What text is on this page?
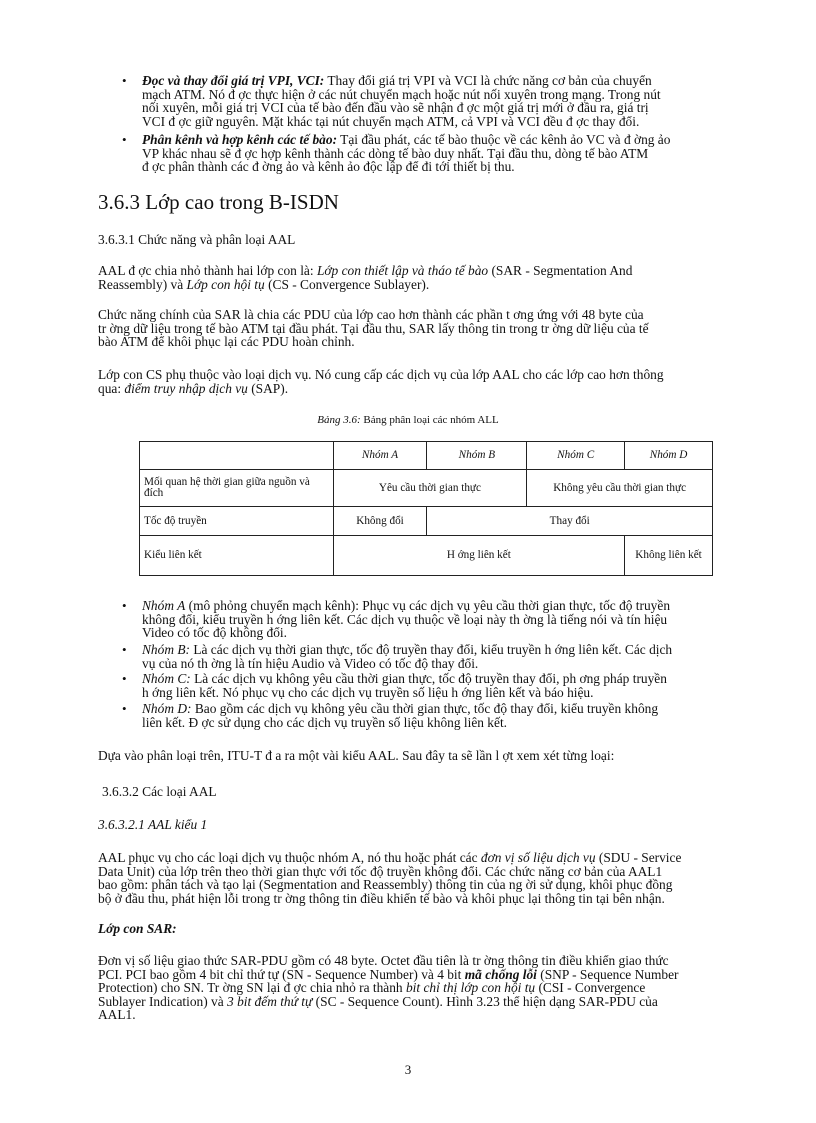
• Đọc và thay đổi giá trị VPI, VCI: Thay đổi giá trị VPI và VCI là chức năng cơ bản của chuyển

mạch ATM. Nó đ ợc thực hiện ở các nút chuyển mạch hoặc nút nối xuyên trong mạng. Trong nút

nối xuyên, mỗi giá trị VCI của tế bào đến đầu vào sẽ nhận đ ợc một giá trị mới ở đầu ra, giá trị

VCI đ ợc giữ nguyên. Mặt khác tại nút chuyển mạch ATM, cả VPI và VCI đều đ ợc thay đổi.

• Phân kênh và hợp kênh các tế bào: Tại đầu phát, các tế bào thuộc về các kênh ảo VC và đ ờng ảo

VP khác nhau sẽ đ ợc hợp kênh thành các dòng tế bào duy nhất. Tại đầu thu, dòng tế bào ATM

đ ợc phân thành các đ ờng ảo và kênh ảo độc lập để đi tới thiết bị thu.

3.6.3 Lớp cao trong B-ISDN

3.6.3.1 Chức năng và phân loại AAL

AAL đ ợc chia nhỏ thành hai lớp con là: Lớp con thiết lập và tháo tế bào (SAR - Segmentation And

Reassembly) và Lớp con hội tụ (CS - Convergence Sublayer).

Chức năng chính của SAR là chia các PDU của lớp cao hơn thành các phần t ơng ứng với 48 byte của

tr ờng dữ liệu trong tế bào ATM tại đầu phát. Tại đầu thu, SAR lấy thông tin trong tr ờng dữ liệu của tế

bào ATM để khôi phục lại các PDU hoàn chỉnh.

Lớp con CS phụ thuộc vào loại dịch vụ. Nó cung cấp các dịch vụ của lớp AAL cho các lớp cao hơn thông

qua: điểm truy nhập dịch vụ (SAP).

Bảng 3.6: Bảng phân loại các nhóm ALL

	Nhóm A	Nhóm B	Nhóm C	Nhóm D
Mối quan hệ thời gian giữa nguồn và đích	Yêu cầu thời gian thực		Không yêu cầu thời gian thực	
Tốc độ truyền	Không đổi	Thay đổi		
Kiểu liên kết	H ớng liên kết			Không liên kết
• Nhóm A (mô phỏng chuyển mạch kênh): Phục vụ các dịch vụ yêu cầu thời gian thực, tốc độ truyền

không đổi, kiểu truyền h ớng liên kết. Các dịch vụ thuộc về loại này th ờng là tiếng nói và tín hiệu

Video có tốc độ không đổi.

• Nhóm B: Là các dịch vụ thời gian thực, tốc độ truyền thay đổi, kiểu truyền h ớng liên kết. Các dịch

vụ của nó th ờng là tín hiệu Audio và Video có tốc độ thay đổi.

• Nhóm C: Là các dịch vụ không yêu cầu thời gian thực, tốc độ truyền thay đổi, ph ơng pháp truyền

h ớng liên kết. Nó phục vụ cho các dịch vụ truyền số liệu h ớng liên kết và báo hiệu.

• Nhóm D: Bao gồm các dịch vụ không yêu cầu thời gian thực, tốc độ thay đổi, kiểu truyền không

liên kết. Đ ợc sử dụng cho các dịch vụ truyền số liệu không liên kết.

Dựa vào phân loại trên, ITU-T đ a ra một vài kiểu AAL. Sau đây ta sẽ lần l ợt xem xét từng loại:

3.6.3.2 Các loại AAL

3.6.3.2.1 AAL kiểu 1

AAL phục vụ cho các loại dịch vụ thuộc nhóm A, nó thu hoặc phát các đơn vị số liệu dịch vụ (SDU - Service

Data Unit) của lớp trên theo thời gian thực với tốc độ truyền không đổi. Các chức năng cơ bản của AAL1

bao gồm: phân tách và tạo lại (Segmentation and Reassembly) thông tin của ng ời sử dụng, khôi phục đồng

bộ ở đầu thu, phát hiện lỗi trong tr ờng thông tin điều khiển tế bào và khôi phục lại thông tin tại bên nhận.

Lớp con SAR:

Đơn vị số liệu giao thức SAR-PDU gồm có 48 byte. Octet đầu tiên là tr ờng thông tin điều khiển giao thức

PCI. PCI bao gồm 4 bit chỉ thứ tự (SN - Sequence Number) và 4 bit mã chống lỗi (SNP - Sequence Number

Protection) cho SN. Tr ờng SN lại đ ợc chia nhỏ ra thành bit chỉ thị lớp con hội tụ (CSI - Convergence

Sublayer Indication) và 3 bit đếm thứ tự (SC - Sequence Count). Hình 3.23 thể hiện dạng SAR-PDU của

AAL1.

3
